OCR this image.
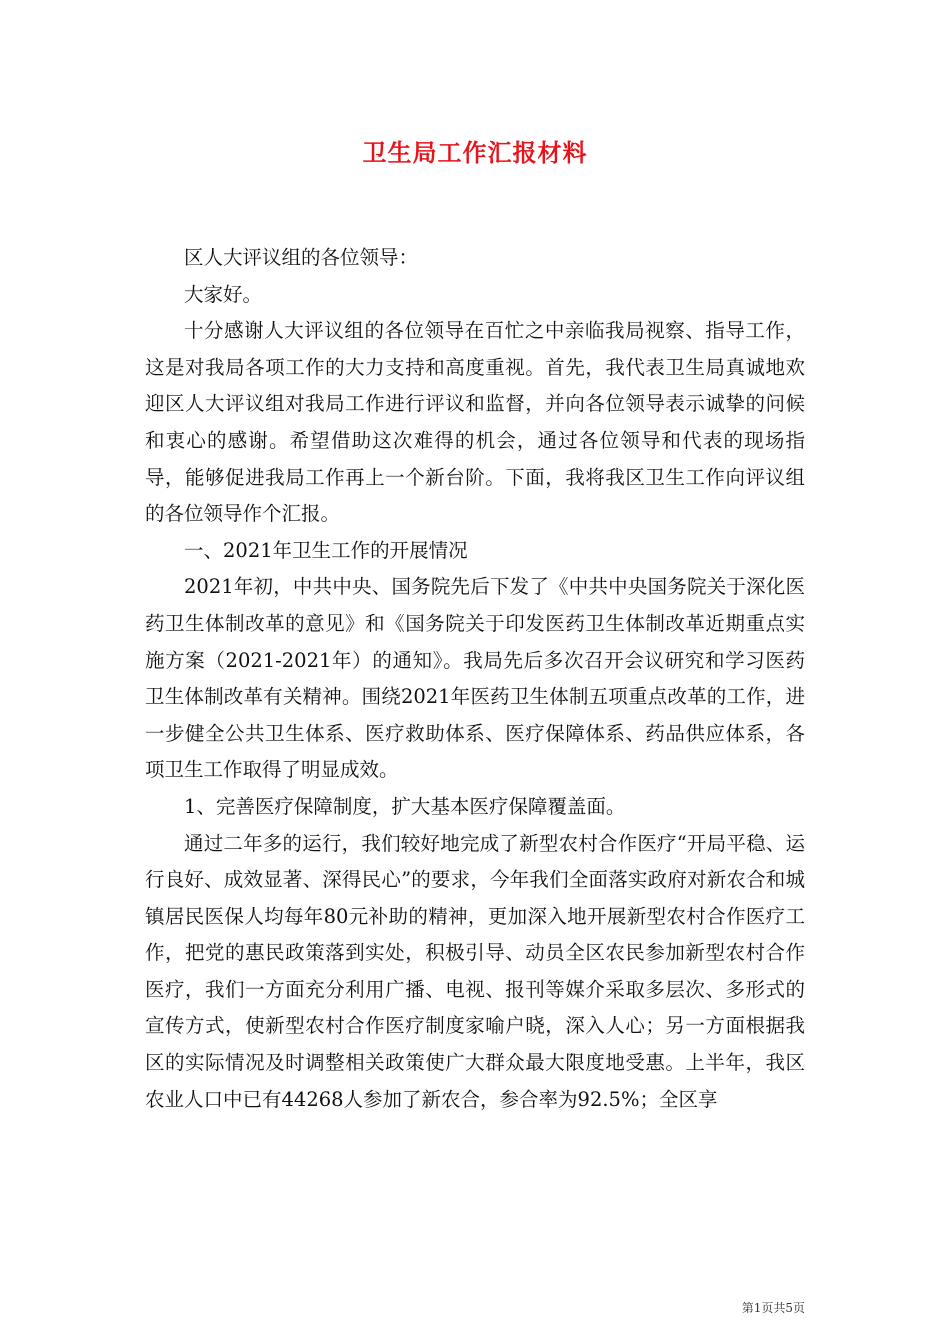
卫生局工作汇报材料

区人大评议组的各位领导：

大家好。

十分感谢人大评议组的各位领导在百忙之中亲临我局视察、指导工作，这是对我局各项工作的大力支持和高度重视。首先，我代表卫生局真诚地欢迎区人大评议组对我局工作进行评议和监督，并向各位领导表示诚挚的问候和衷心的感谢。希望借助这次难得的机会，通过各位领导和代表的现场指导，能够促进我局工作再上一个新台阶。下面，我将我区卫生工作向评议组的各位领导作个汇报。

一、2021年卫生工作的开展情况

2021年初，中共中央、国务院先后下发了《中共中央国务院关于深化医药卫生体制改革的意见》和《国务院关于印发医药卫生体制改革近期重点实施方案（2021-2021年）的通知》。我局先后多次召开会议研究和学习医药卫生体制改革有关精神。围绕2021年医药卫生体制五项重点改革的工作，进一步健全公共卫生体系、医疗救助体系、医疗保障体系、药品供应体系，各项卫生工作取得了明显成效。

1、完善医疗保障制度，扩大基本医疗保障覆盖面。

通过二年多的运行，我们较好地完成了新型农村合作医疗“开局平稳、运行良好、成效显著、深得民心”的要求，今年我们全面落实政府对新农合和城镇居民医保人均每年80元补助的精神，更加深入地开展新型农村合作医疗工作，把党的惠民政策落到实处，积极引导、动员全区农民参加新型农村合作医疗，我们一方面充分利用广播、电视、报刊等媒介采取多层次、多形式的宣传方式，使新型农村合作医疗制度家喻户晓，深入人心；另一方面根据我区的实际情况及时调整相关政策使广大群众最大限度地受惠。上半年，我区农业人口中已有44268人参加了新农合，参合率为92.5%；全区享

第1页共5页
